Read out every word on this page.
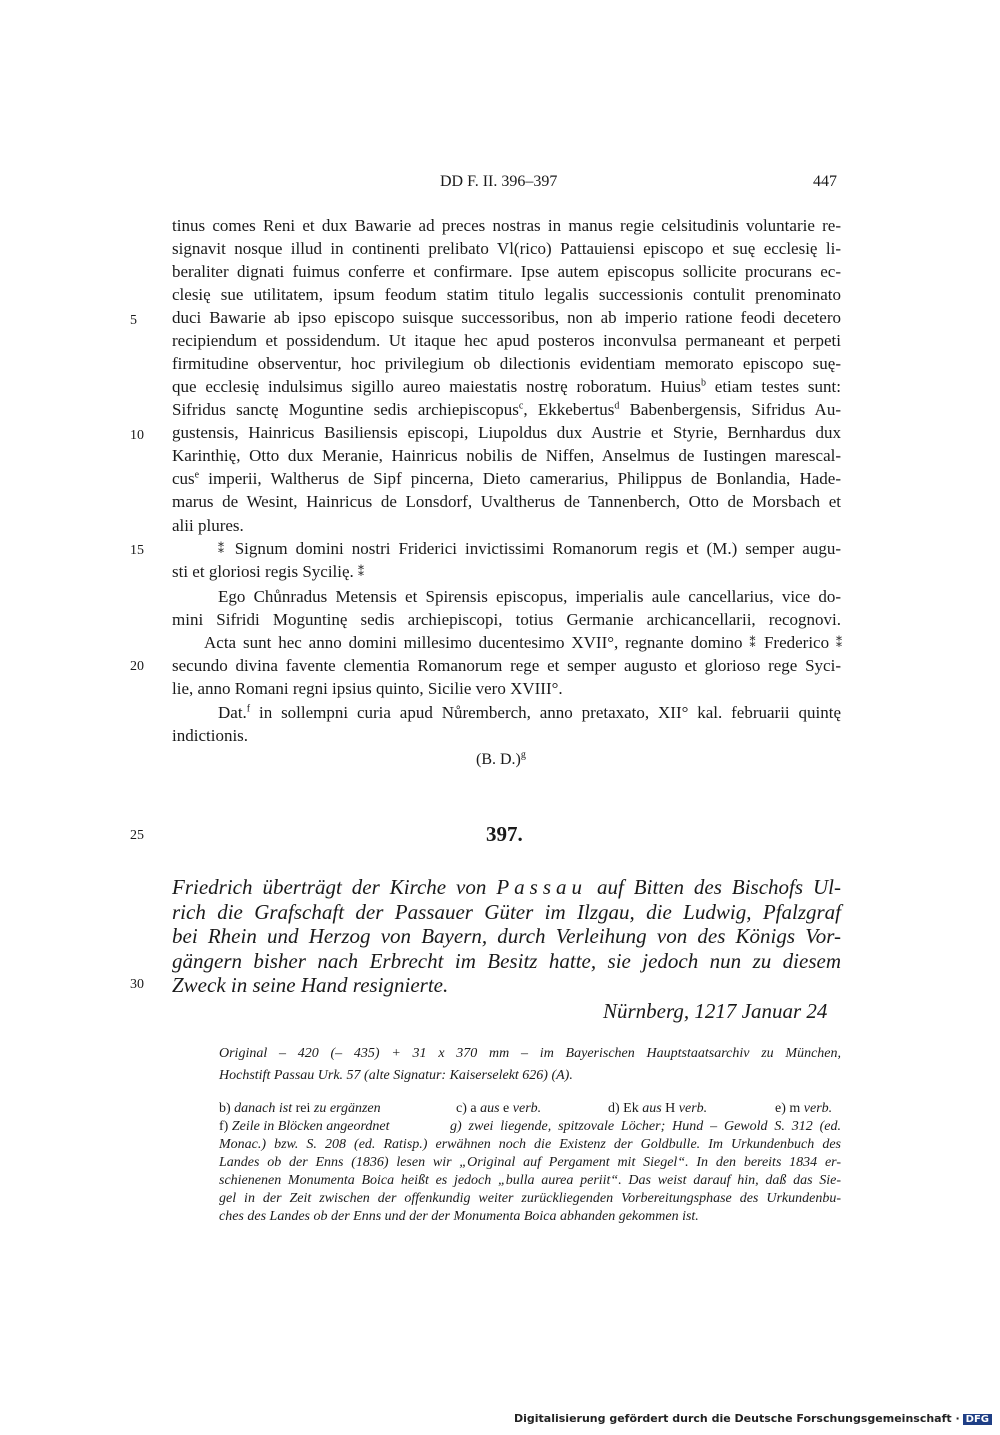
DD F. II. 396–397	447
5
10
15
20
25
30
tinus comes Reni et dux Bawarie ad preces nostras in manus regie celsitudinis voluntarie re-
signavit nosque illud in continenti prelibato Vl(rico) Pattauiensi episcopo et suę ecclesię li-
beraliter dignati fuimus conferre et confirmare. Ipse autem episcopus sollicite procurans ec-
clesię sue utilitatem, ipsum feodum statim titulo legalis successionis contulit prenominato
duci Bawarie ab ipso episcopo suisque successoribus, non ab imperio ratione feodi decetero
recipiendum et possidendum. Ut itaque hec apud posteros inconvulsa permaneant et perpeti
firmitudine observentur, hoc privilegium ob dilectionis evidentiam memorato episcopo suę-
que ecclesię indulsimus sigillo aureo maiestatis nostrę roboratum. Huius$^b$ etiam testes sunt:
Sifridus sanctę Moguntine sedis archiepiscopus$^c$, Ekkebertus$^d$ Babenbergensis, Sifridus Au-
gustensis, Hainricus Basiliensis episcopi, Liupoldus dux Austrie et Styrie, Bernhardus dux
Karinthię, Otto dux Meranie, Hainricus nobilis de Niffen, Anselmus de Iustingen marescal-
cus$^e$ imperii, Waltherus de Sipf pincerna, Dieto camerarius, Philippus de Bonlandia, Hade-
marus de Wesint, Hainricus de Lonsdorf, Uvaltherus de Tannenberch, Otto de Morsbach et
alii plures.
⁑ Signum domini nostri Friderici invictissimi Romanorum regis et (M.) semper augu-
sti et gloriosi regis Sycilię. ⁑
Ego Chůnradus Metensis et Spirensis episcopus, imperialis aule cancellarius, vice do-
mini Sifridi Moguntinę sedis archiepiscopi, totius Germanie archicancellarii, recognovi.
Acta sunt hec anno domini millesimo ducentesimo XVII°, regnante domino ⁑ Frederico ⁑
secundo divina favente clementia Romanorum rege et semper augusto et glorioso rege Syci-
lie, anno Romani regni ipsius quinto, Sicilie vero XVIII°.
Dat.$^f$ in sollempni curia apud Nůremberch, anno pretaxato, XII° kal. februarii quintę
indictionis.
(B. D.)$^g$
397.
Friedrich überträgt der Kirche von Passau auf Bitten des Bischofs Ul-
rich die Grafschaft der Passauer Güter im Ilzgau, die Ludwig, Pfalzgraf
bei Rhein und Herzog von Bayern, durch Verleihung von des Königs Vor-
gängern bisher nach Erbrecht im Besitz hatte, sie jedoch nun zu diesem
Zweck in seine Hand resignierte.
Nürnberg, 1217 Januar 24
Original – 420 (– 435) + 31 x 370 mm – im Bayerischen Hauptstaatsarchiv zu München,
Hochstift Passau Urk. 57 (alte Signatur: Kaiserselekt 626) (A).
b) danach ist rei zu ergänzen	c) a aus e verb.	d) Ek aus H verb.	e) m verb.
f) Zeile in Blöcken angeordnet	g) zwei liegende, spitzovale Löcher; Hund – Gewold S. 312 (ed.
Monac.) bzw. S. 208 (ed. Ratisp.) erwähnen noch die Existenz der Goldbulle. Im Urkundenbuch des
Landes ob der Enns (1836) lesen wir „Original auf Pergament mit Siegel“. In den bereits 1834 er-
schienenen Monumenta Boica heißt es jedoch „bulla aurea periit“. Das weist darauf hin, daß das Sie-
gel in der Zeit zwischen der offenkundig weiter zurückliegenden Vorbereitungsphase des Urkundenbu-
ches des Landes ob der Enns und der der Monumenta Boica abhanden gekommen ist.
Digitalisierung gefördert durch die Deutsche Forschungsgemeinschaft · DFG
